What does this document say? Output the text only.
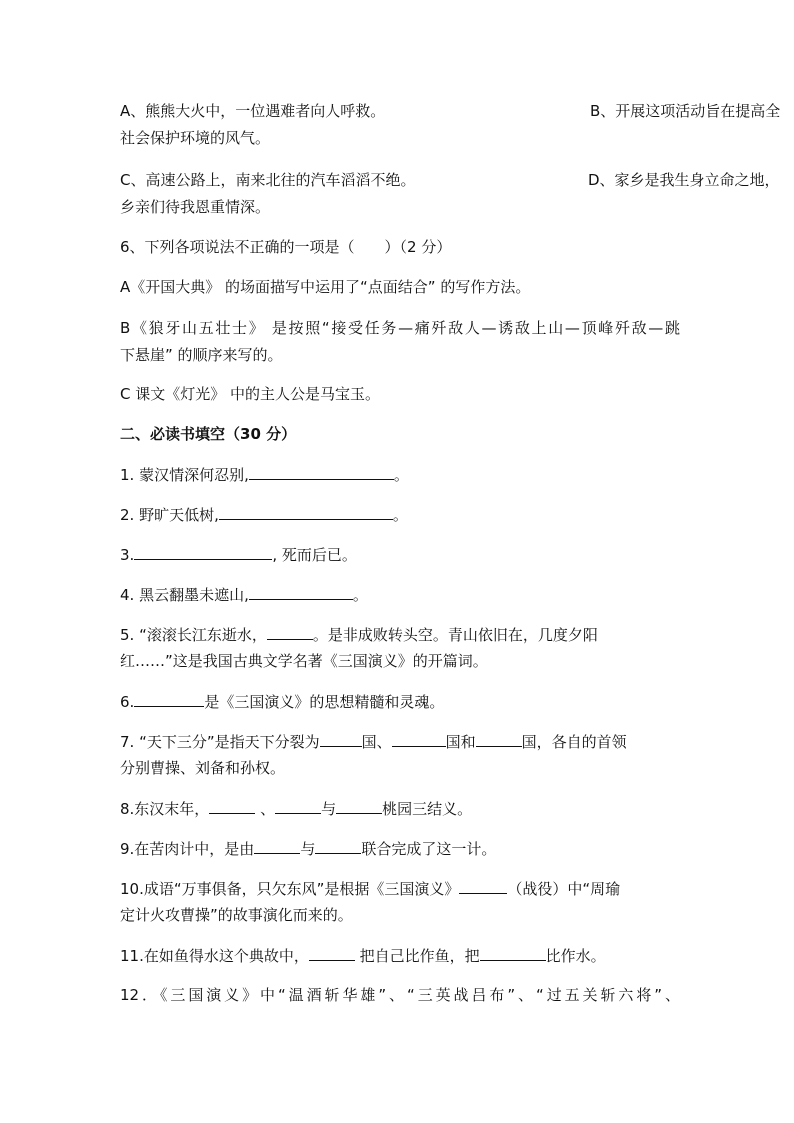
A、熊熊大火中，一位遇难者向人呼救。	B、开展这项活动旨在提高全
社会保护环境的风气。
C、高速公路上，南来北往的汽车滔滔不绝。	D、家乡是我生身立命之地，
乡亲们待我恩重情深。
6、下列各项说法不正确的一项是（　　）（2 分）
A《开国大典》 的场面描写中运用了“点面结合” 的写作方法。
B《狼牙山五壮士》 是按照“接受任务—痛歼敌人—诱敌上山—顶峰歼敌—跳
下悬崖” 的顺序来写的。
C 课文《灯光》 中的主人公是马宝玉。
二、必读书填空（30 分）
1. 蒙汉情深何忍别,	。
2. 野旷天低树,	。
3.	, 死而后已。
4. 黑云翻墨未遮山,	。
5. “滚滚长江东逝水，	。是非成败转头空。青山依旧在，几度夕阳
红……”这是我国古典文学名著《三国演义》的开篇词。
6.	是《三国演义》的思想精髓和灵魂。
7. “天下三分”是指天下分裂为	国、	国和	国，各自的首领
分别曹操、刘备和孙权。
8.东汉末年，	、	与	桃园三结义。
9.在苦肉计中，是由	与	联合完成了这一计。
10.成语“万事俱备，只欠东风”是根据《三国演义》	（战役）中“周瑜
定计火攻曹操”的故事演化而来的。
11.在如鱼得水这个典故中，	把自己比作鱼，把	比作水。
12．《三国演义》中“温酒斩华雄”、“三英战吕布”、“过五关斩六将”、
